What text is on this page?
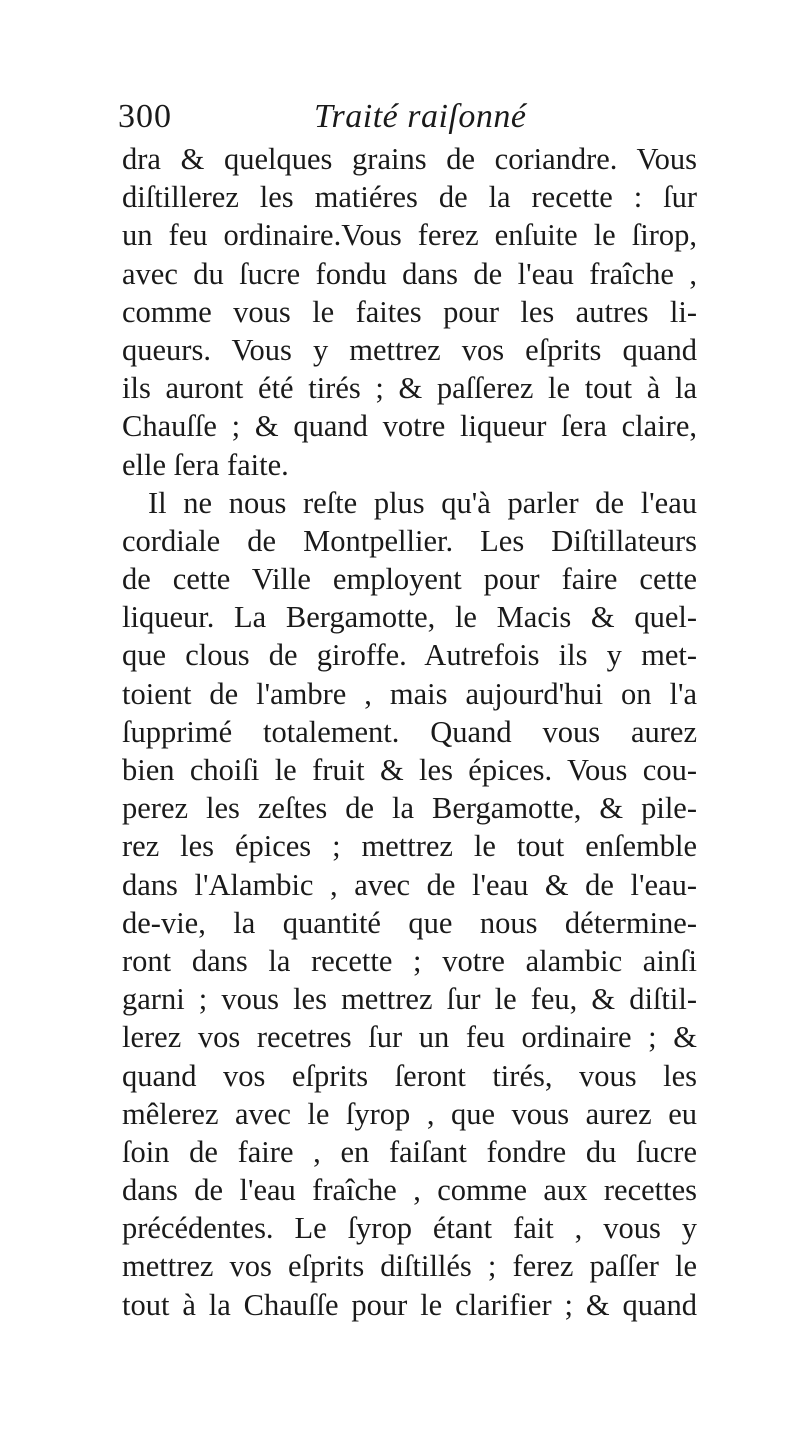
300	Traité raiſonné
dra & quelques grains de coriandre. Vous
diſtillerez les matiéres de la recette : ſur
un feu ordinaire.Vous ferez enſuite le ſirop,
avec du ſucre fondu dans de l'eau fraîche ,
comme vous le faites pour les autres li-
queurs. Vous y mettrez vos eſprits quand
ils auront été tirés ; & paſſerez le tout à la
Chauſſe ; & quand votre liqueur ſera claire,
elle ſera faite.
Il ne nous reſte plus qu'à parler de l'eau
cordiale de Montpellier. Les Diſtillateurs
de cette Ville employent pour faire cette
liqueur. La Bergamotte, le Macis & quel-
que clous de giroffe. Autrefois ils y met-
toient de l'ambre , mais aujourd'hui on l'a
ſupprimé totalement. Quand vous aurez
bien choiſi le fruit & les épices. Vous cou-
perez les zeſtes de la Bergamotte, & pile-
rez les épices ; mettrez le tout enſemble
dans l'Alambic , avec de l'eau & de l'eau-
de-vie, la quantité que nous détermine-
ront dans la recette ; votre alambic ainſi
garni ; vous les mettrez ſur le feu, & diſtil-
lerez vos recetres ſur un feu ordinaire ; &
quand vos eſprits ſeront tirés, vous les
mêlerez avec le ſyrop , que vous aurez eu
ſoin de faire , en faiſant fondre du ſucre
dans de l'eau fraîche , comme aux recettes
précédentes. Le ſyrop étant fait , vous y
mettrez vos eſprits diſtillés ; ferez paſſer le
tout à la Chauſſe pour le clarifier ; & quand
